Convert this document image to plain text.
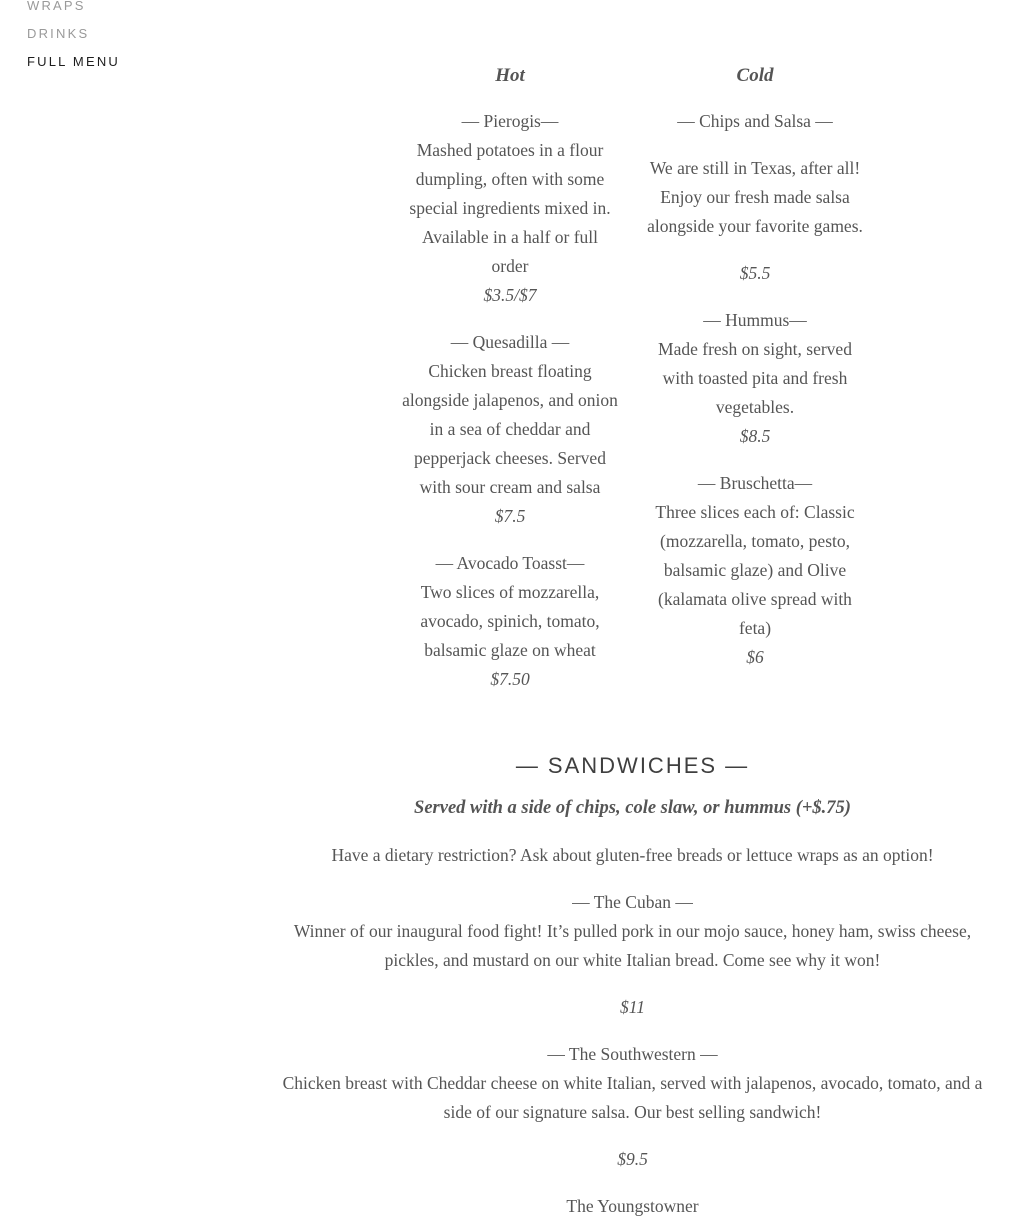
WRAPS
DRINKS
FULL MENU
Hot
— Pierogis—
Mashed potatoes in a flour dumpling, often with some special ingredients mixed in. Available in a half or full order
$3.5/$7
— Quesadilla —
Chicken breast floating alongside jalapenos, and onion in a sea of cheddar and pepperjack cheeses. Served with sour cream and salsa
$7.5
— Avocado Toasst—
Two slices of mozzarella, avocado, spinich, tomato, balsamic glaze on wheat
$7.50
Cold
— Chips and Salsa —
We are still in Texas, after all! Enjoy our fresh made salsa alongside your favorite games.
$5.5
— Hummus—
Made fresh on sight, served with toasted pita and fresh vegetables.
$8.5
— Bruschetta—
Three slices each of: Classic (mozzarella, tomato, pesto, balsamic glaze) and Olive (kalamata olive spread with feta)
$6
— SANDWICHES —
Served with a side of chips, cole slaw, or hummus (+$.75)
Have a dietary restriction? Ask about gluten-free breads or lettuce wraps as an option!
— The Cuban —
Winner of our inaugural food fight! It’s pulled pork in our mojo sauce, honey ham, swiss cheese, pickles, and mustard on our white Italian bread. Come see why it won!
$11
— The Southwestern —
Chicken breast with Cheddar cheese on white Italian, served with jalapenos, avocado, tomato, and a side of our signature salsa. Our best selling sandwich!
$9.5
The Youngstowner
